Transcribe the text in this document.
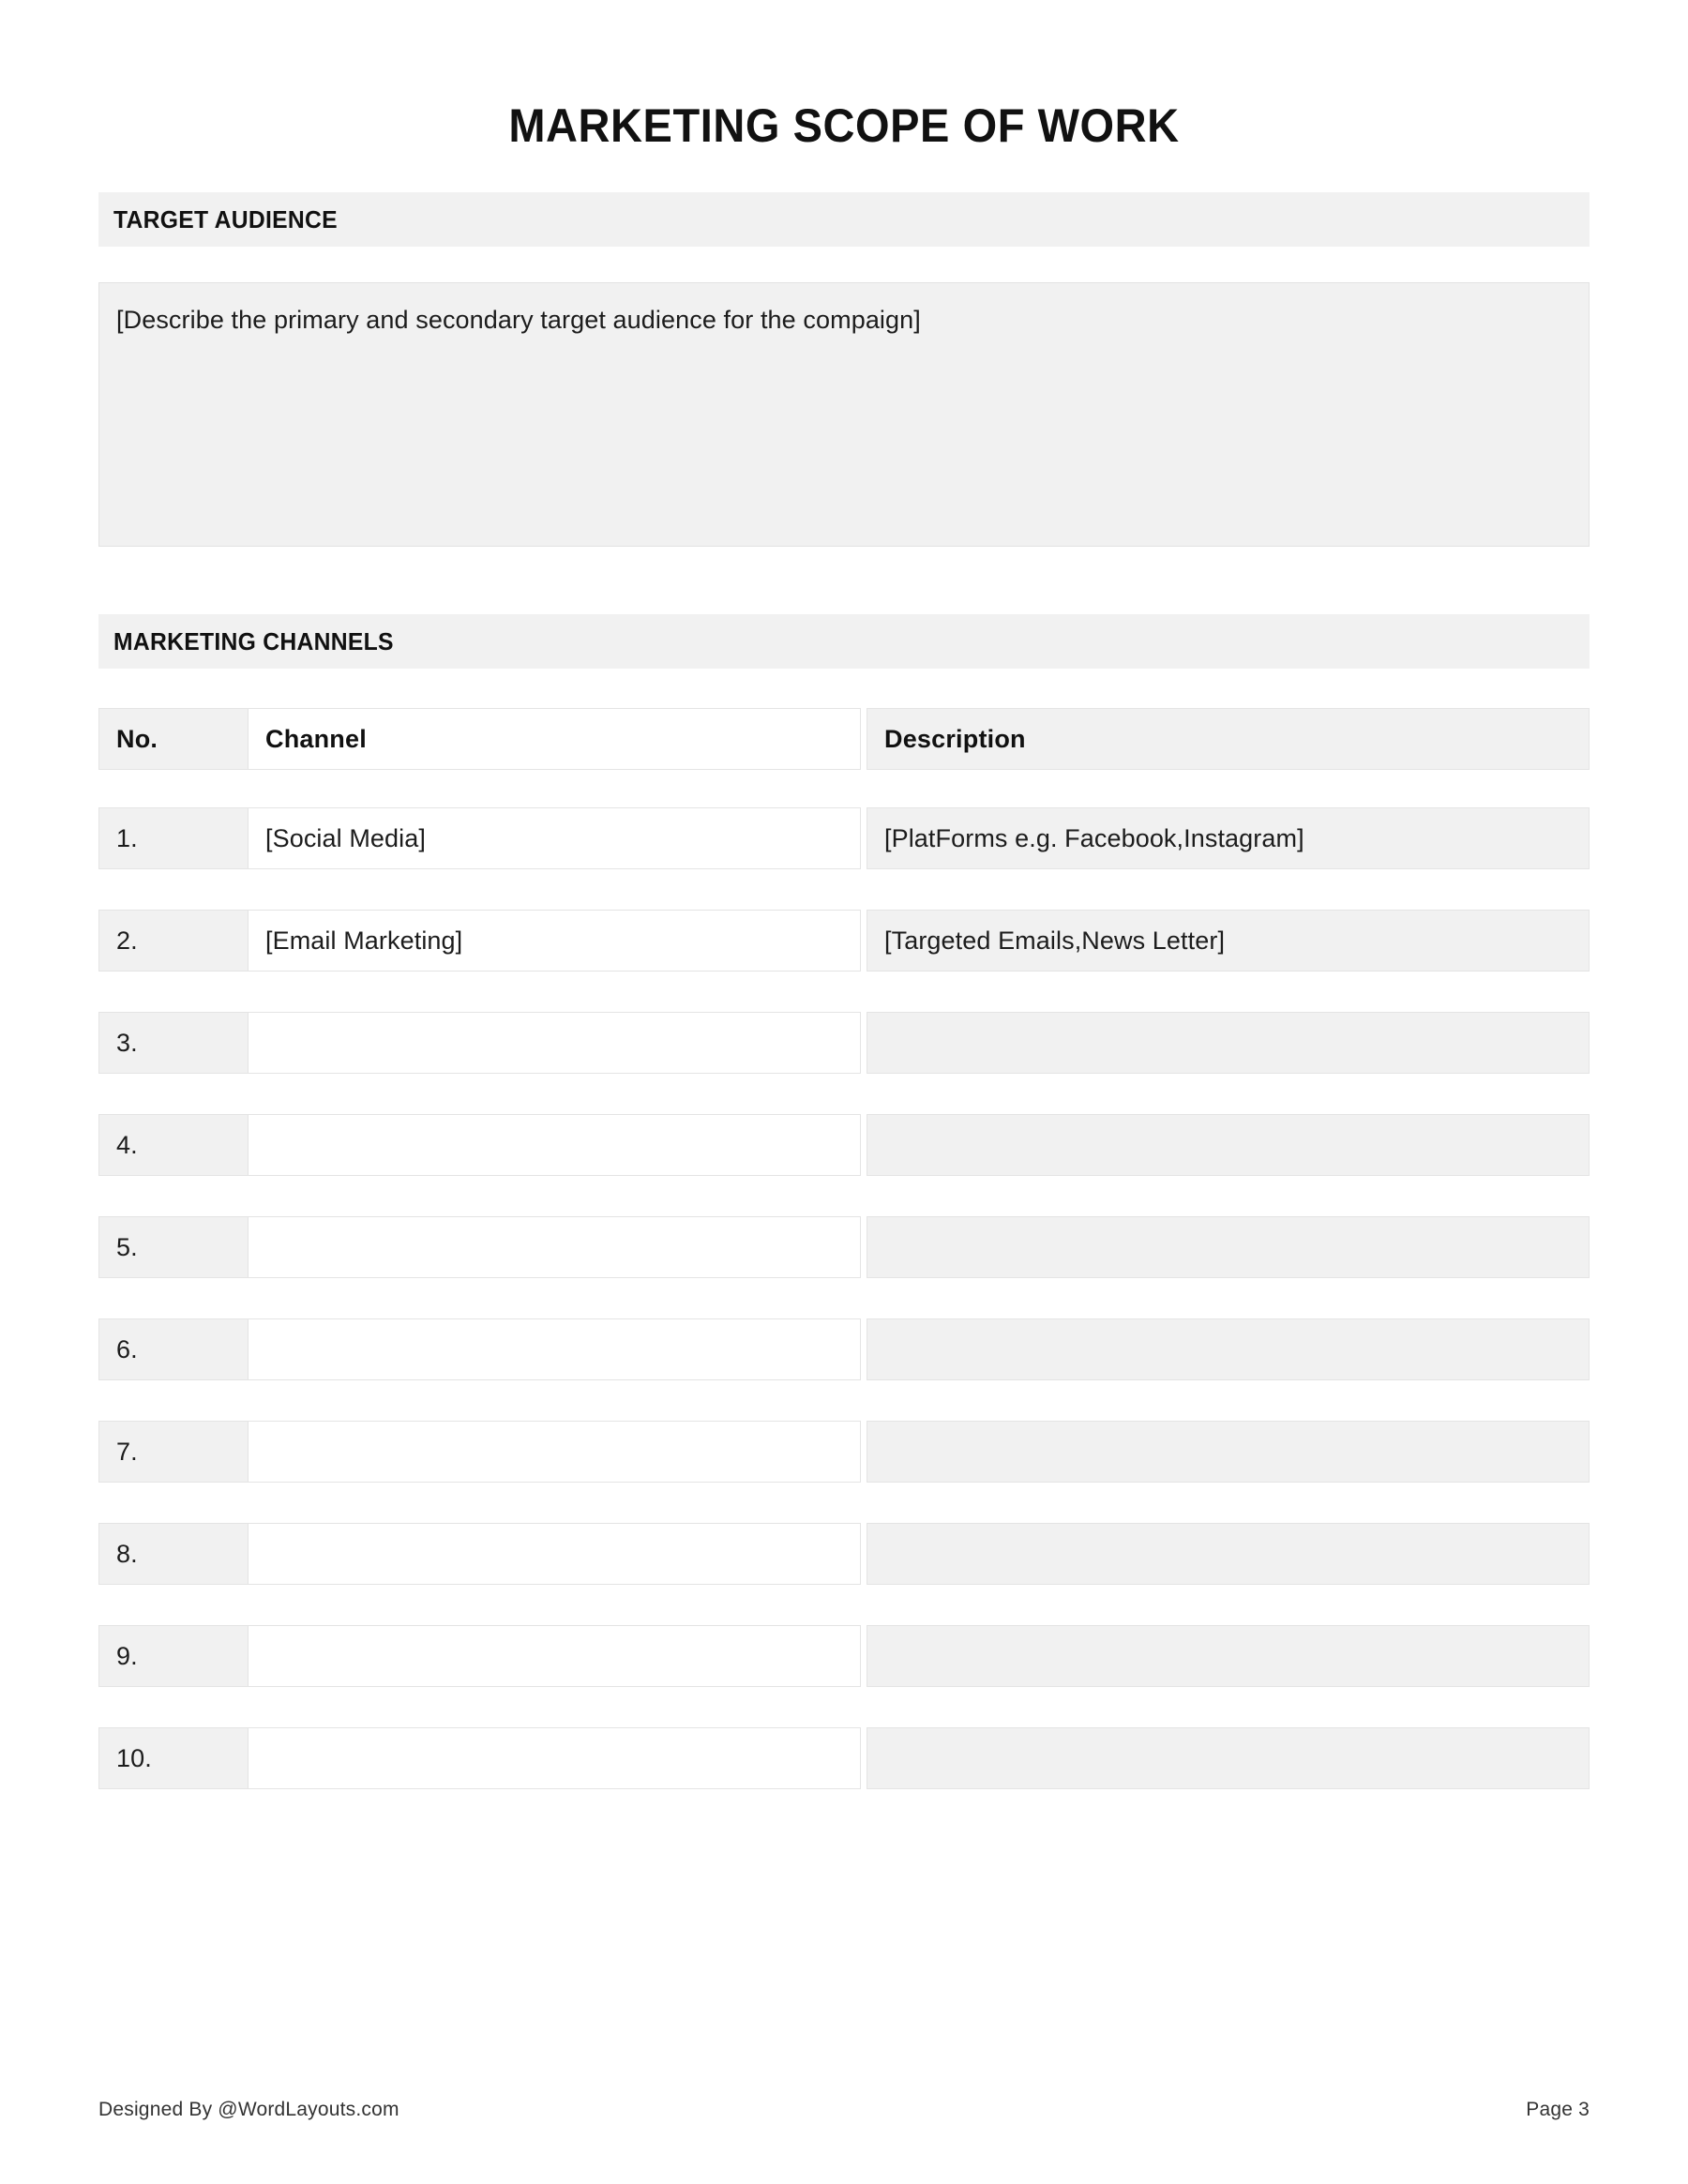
MARKETING SCOPE OF WORK
TARGET AUDIENCE
[Describe the primary and secondary target audience for the compaign]
MARKETING CHANNELS
No.	Channel	Description
1.	[Social Media]	[PlatForms e.g. Facebook,Instagram]
2.	[Email Marketing]	[Targeted Emails,News Letter]
3.
4.
5.
6.
7.
8.
9.
10.
Designed By @WordLayouts.com	Page 3
